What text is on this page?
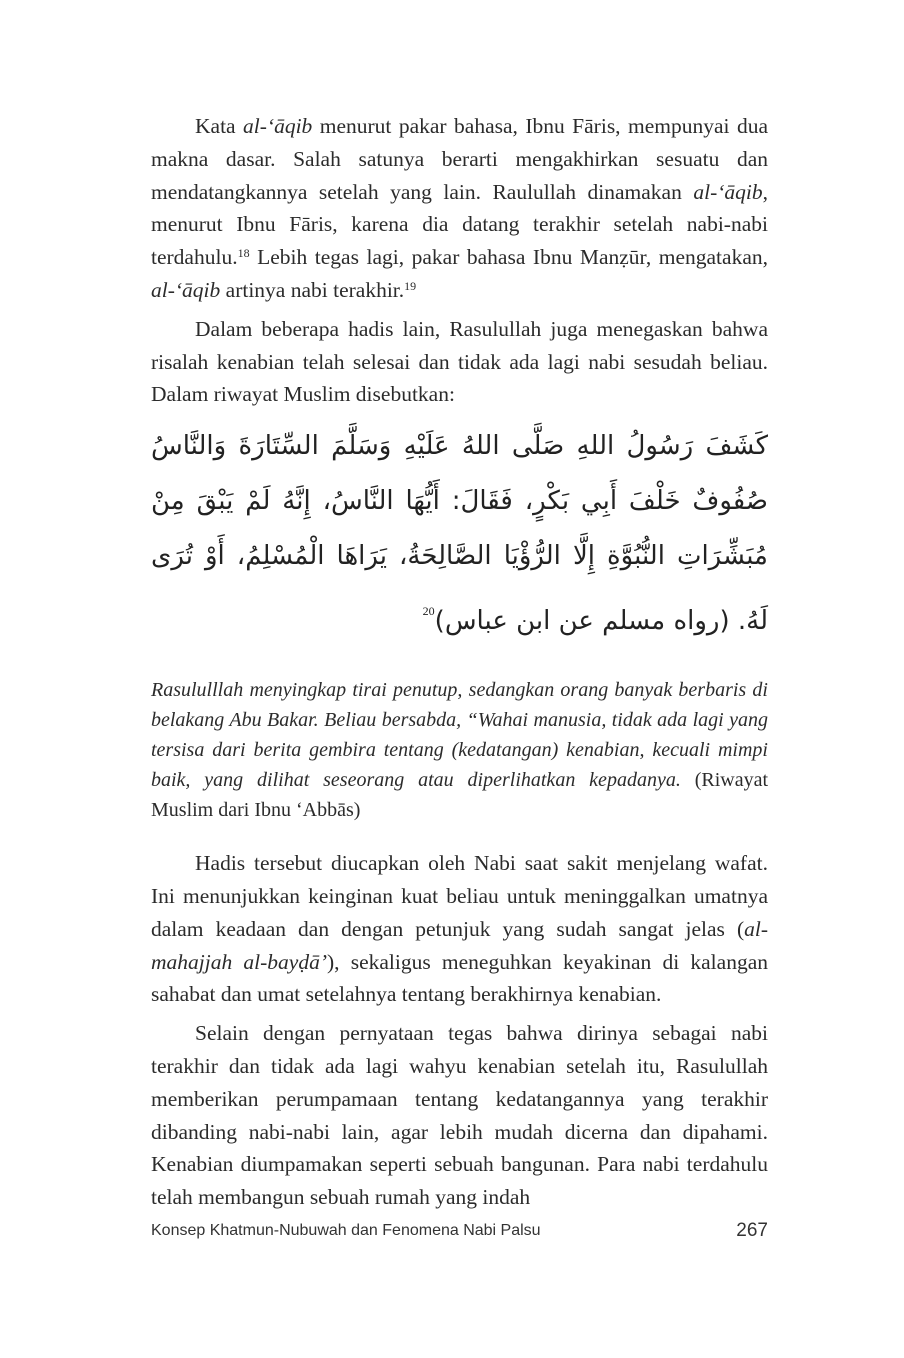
Kata al-‘āqib menurut pakar bahasa, Ibnu Fāris, mempunyai dua makna dasar. Salah satunya berarti mengakhirkan sesuatu dan mendatangkannya setelah yang lain. Raulullah dinamakan al-‘āqib, menurut Ibnu Fāris, karena dia datang terakhir setelah nabi-nabi terdahulu.$^{18}$ Lebih tegas lagi, pakar bahasa Ibnu Manẓūr, mengatakan, al-‘āqib artinya nabi terakhir.$^{19}$

Dalam beberapa hadis lain, Rasulullah juga menegaskan bahwa risalah kenabian telah selesai dan tidak ada lagi nabi sesudah beliau. Dalam riwayat Muslim disebutkan:

كَشَفَ رَسُولُ اللهِ صَلَّى اللهُ عَلَيْهِ وَسَلَّمَ السِّتَارَةَ وَالنَّاسُ صُفُوفٌ خَلْفَ أَبِي بَكْرٍ، فَقَالَ: أَيُّهَا النَّاسُ، إِنَّهُ لَمْ يَبْقَ مِنْ مُبَشِّرَاتِ النُّبُوَّةِ إِلَّا الرُّؤْيَا الصَّالِحَةُ، يَرَاهَا الْمُسْلِمُ، أَوْ تُرَى لَهُ. (رواه مسلم عن ابن عباس)$^{20}$
Rasululllah menyingkap tirai penutup, sedangkan orang banyak berbaris di belakang Abu Bakar. Beliau bersabda, “Wahai manusia, tidak ada lagi yang tersisa dari berita gembira tentang (kedatangan) kenabian, kecuali mimpi baik, yang dilihat seseorang atau diperlihatkan kepadanya. (Riwayat Muslim dari Ibnu ‘Abbās)

Hadis tersebut diucapkan oleh Nabi saat sakit menjelang wafat. Ini menunjukkan keinginan kuat beliau untuk meninggalkan umatnya dalam keadaan dan dengan petunjuk yang sudah sangat jelas (al-mahajjah al-bayḍā’), sekaligus meneguhkan keyakinan di kalangan sahabat dan umat setelahnya tentang berakhirnya kenabian.

Selain dengan pernyataan tegas bahwa dirinya sebagai nabi terakhir dan tidak ada lagi wahyu kenabian setelah itu, Rasulullah memberikan perumpamaan tentang kedatangannya yang terakhir dibanding nabi-nabi lain, agar lebih mudah dicerna dan dipahami. Kenabian diumpamakan seperti sebuah bangunan. Para nabi terdahulu telah membangun sebuah rumah yang indah

Konsep Khatmun-Nubuwah dan Fenomena Nabi Palsu	267
